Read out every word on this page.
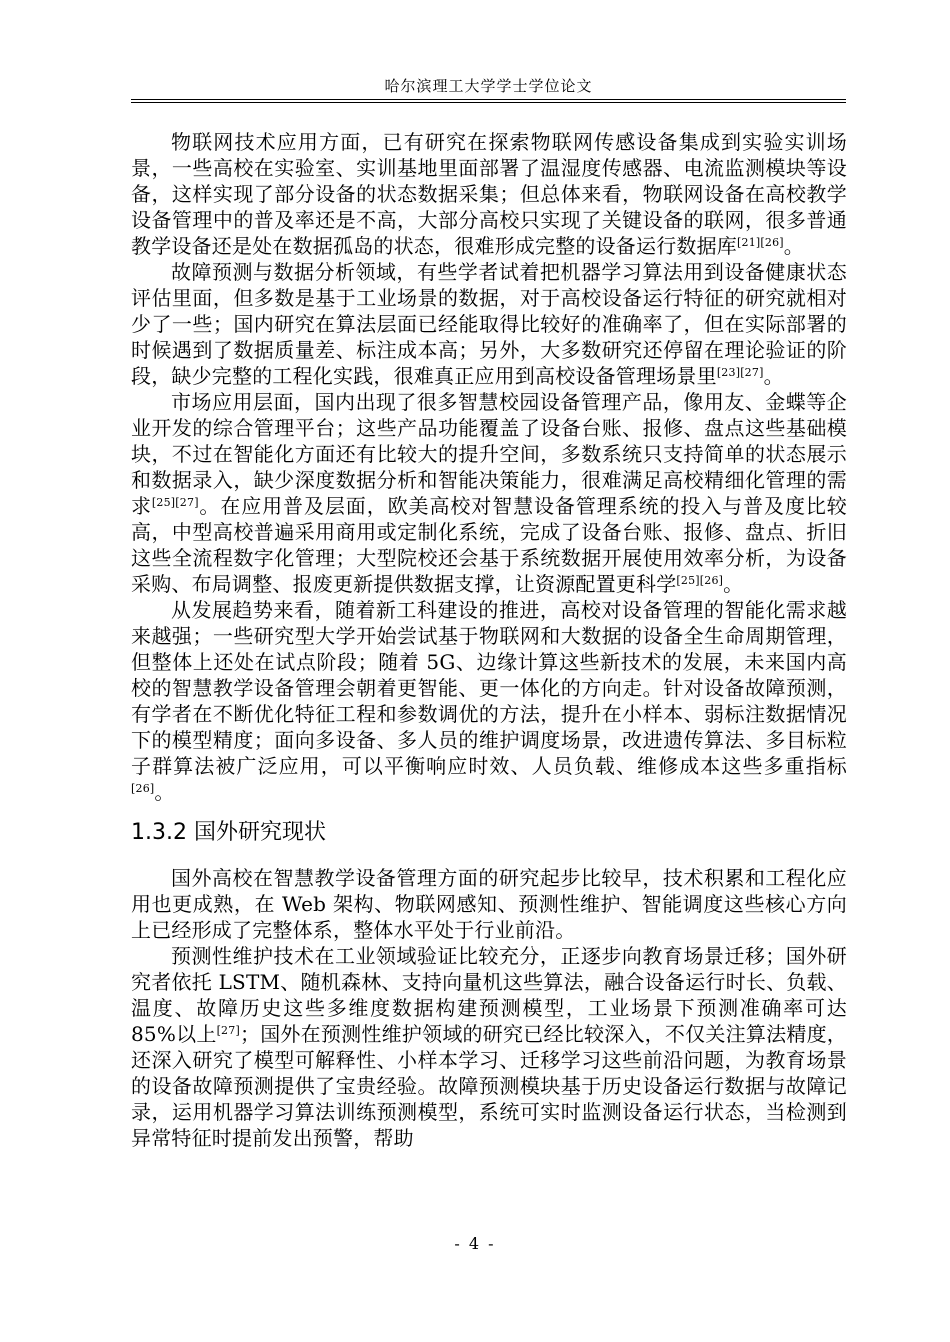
哈尔滨理工大学学士学位论文

物联网技术应用方面，已有研究在探索物联网传感设备集成到实验实训场景，一些高校在实验室、实训基地里面部署了温湿度传感器、电流监测模块等设备，这样实现了部分设备的状态数据采集；但总体来看，物联网设备在高校教学设备管理中的普及率还是不高，大部分高校只实现了关键设备的联网，很多普通教学设备还是处在数据孤岛的状态，很难形成完整的设备运行数据库[21][26]。

故障预测与数据分析领域，有些学者试着把机器学习算法用到设备健康状态评估里面，但多数是基于工业场景的数据，对于高校设备运行特征的研究就相对少了一些；国内研究在算法层面已经能取得比较好的准确率了，但在实际部署的时候遇到了数据质量差、标注成本高；另外，大多数研究还停留在理论验证的阶段，缺少完整的工程化实践，很难真正应用到高校设备管理场景里[23][27]。

市场应用层面，国内出现了很多智慧校园设备管理产品，像用友、金蝶等企业开发的综合管理平台；这些产品功能覆盖了设备台账、报修、盘点这些基础模块，不过在智能化方面还有比较大的提升空间，多数系统只支持简单的状态展示和数据录入，缺少深度数据分析和智能决策能力，很难满足高校精细化管理的需求[25][27]。在应用普及层面，欧美高校对智慧设备管理系统的投入与普及度比较高，中型高校普遍采用商用或定制化系统，完成了设备台账、报修、盘点、折旧这些全流程数字化管理；大型院校还会基于系统数据开展使用效率分析，为设备采购、布局调整、报废更新提供数据支撑，让资源配置更科学[25][26]。

从发展趋势来看，随着新工科建设的推进，高校对设备管理的智能化需求越来越强；一些研究型大学开始尝试基于物联网和大数据的设备全生命周期管理，但整体上还处在试点阶段；随着 5G、边缘计算这些新技术的发展，未来国内高校的智慧教学设备管理会朝着更智能、更一体化的方向走。针对设备故障预测，有学者在不断优化特征工程和参数调优的方法，提升在小样本、弱标注数据情况下的模型精度；面向多设备、多人员的维护调度场景，改进遗传算法、多目标粒子群算法被广泛应用，可以平衡响应时效、人员负载、维修成本这些多重指标[26]。

1.3.2 国外研究现状

国外高校在智慧教学设备管理方面的研究起步比较早，技术积累和工程化应用也更成熟，在 Web 架构、物联网感知、预测性维护、智能调度这些核心方向上已经形成了完整体系，整体水平处于行业前沿。

预测性维护技术在工业领域验证比较充分，正逐步向教育场景迁移；国外研究者依托 LSTM、随机森林、支持向量机这些算法，融合设备运行时长、负载、温度、故障历史这些多维度数据构建预测模型，工业场景下预测准确率可达 85%以上[27]；国外在预测性维护领域的研究已经比较深入，不仅关注算法精度，还深入研究了模型可解释性、小样本学习、迁移学习这些前沿问题，为教育场景的设备故障预测提供了宝贵经验。故障预测模块基于历史设备运行数据与故障记录，运用机器学习算法训练预测模型，系统可实时监测设备运行状态，当检测到异常特征时提前发出预警，帮助

- 4 -
